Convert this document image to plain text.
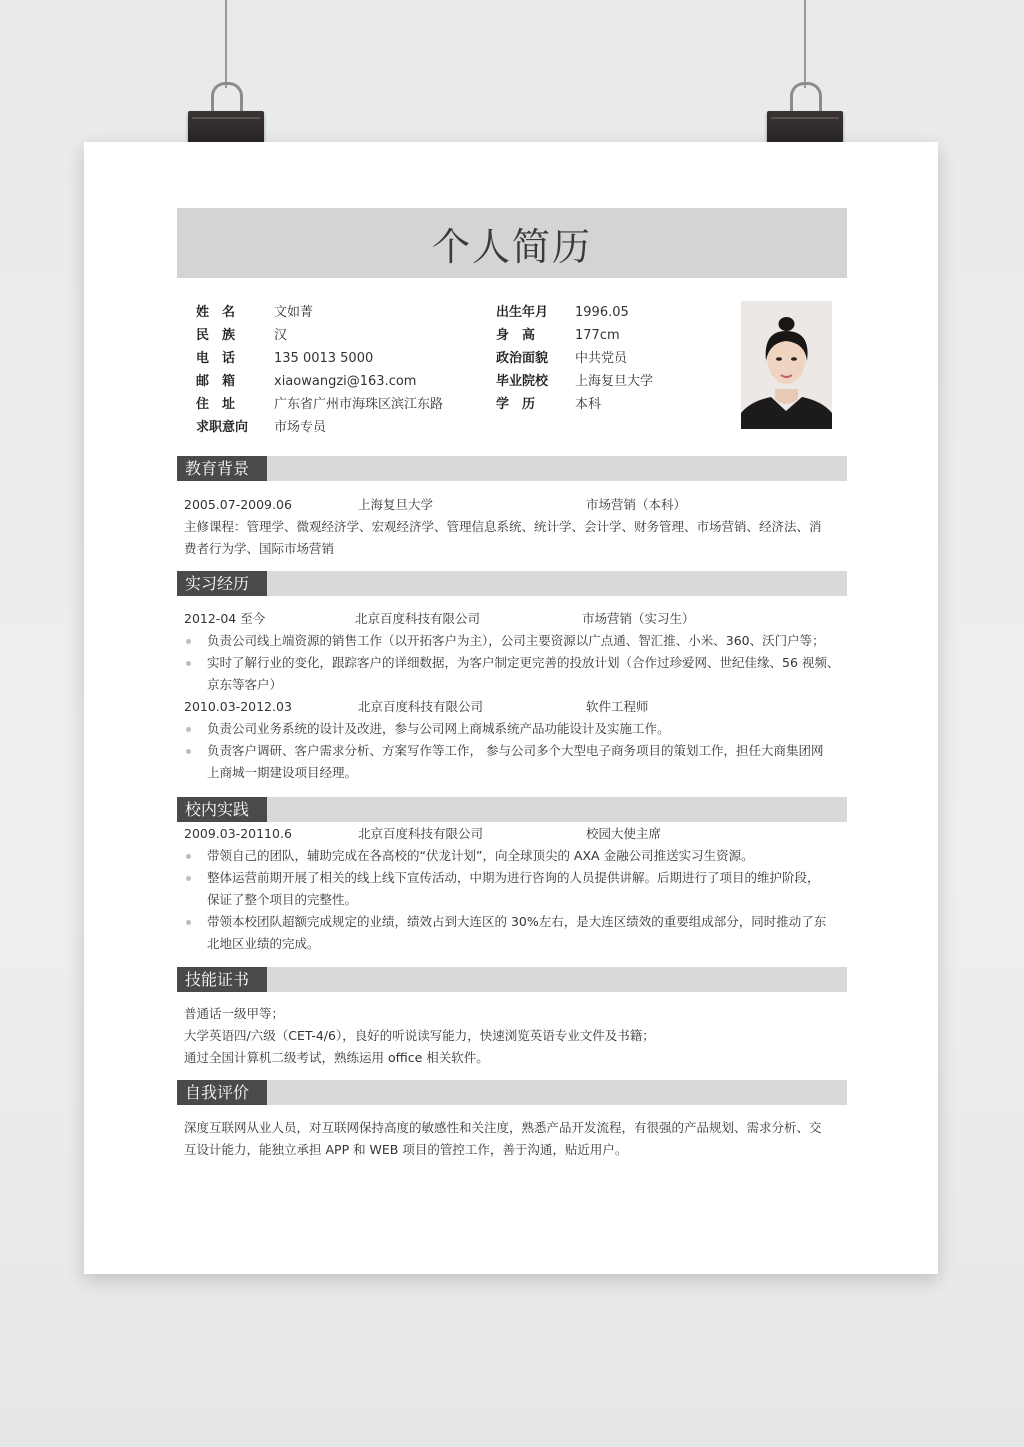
个人简历
姓　名	文如菁
民　族	汉
电　话	135 0013 5000
邮　箱	xiaowangzi@163.com
住　址	广东省广州市海珠区滨江东路
求职意向 市场专员
出生年月 1996.05
身　高	177cm
政治面貌 中共党员
毕业院校 上海复旦大学
学　历	本科
教育背景
2005.07-2009.06	上海复旦大学	市场营销（本科）
主修课程：管理学、微观经济学、宏观经济学、管理信息系统、统计学、会计学、财务管理、市场营销、经济法、消
费者行为学、国际市场营销
实习经历
2012-04 至今	北京百度科技有限公司	市场营销（实习生）
负责公司线上端资源的销售工作（以开拓客户为主），公司主要资源以广点通、智汇推、小米、360、沃门户等；
实时了解行业的变化，跟踪客户的详细数据，为客户制定更完善的投放计划（合作过珍爱网、世纪佳缘、56 视频、
京东等客户）
2010.03-2012.03	北京百度科技有限公司	软件工程师
负责公司业务系统的设计及改进，参与公司网上商城系统产品功能设计及实施工作。
负责客户调研、客户需求分析、方案写作等工作， 参与公司多个大型电子商务项目的策划工作，担任大商集团网
上商城一期建设项目经理。
校内实践
2009.03-20110.6	北京百度科技有限公司	校园大使主席
带领自己的团队，辅助完成在各高校的“伏龙计划”，向全球顶尖的 AXA 金融公司推送实习生资源。
整体运营前期开展了相关的线上线下宣传活动，中期为进行咨询的人员提供讲解。后期进行了项目的维护阶段，
保证了整个项目的完整性。
带领本校团队超额完成规定的业绩，绩效占到大连区的 30%左右，是大连区绩效的重要组成部分，同时推动了东
北地区业绩的完成。
技能证书
普通话一级甲等；
大学英语四/六级（CET-4/6），良好的听说读写能力，快速浏览英语专业文件及书籍；
通过全国计算机二级考试，熟练运用 office 相关软件。
自我评价
深度互联网从业人员，对互联网保持高度的敏感性和关注度，熟悉产品开发流程，有很强的产品规划、需求分析、交
互设计能力，能独立承担 APP 和 WEB 项目的管控工作，善于沟通，贴近用户。
